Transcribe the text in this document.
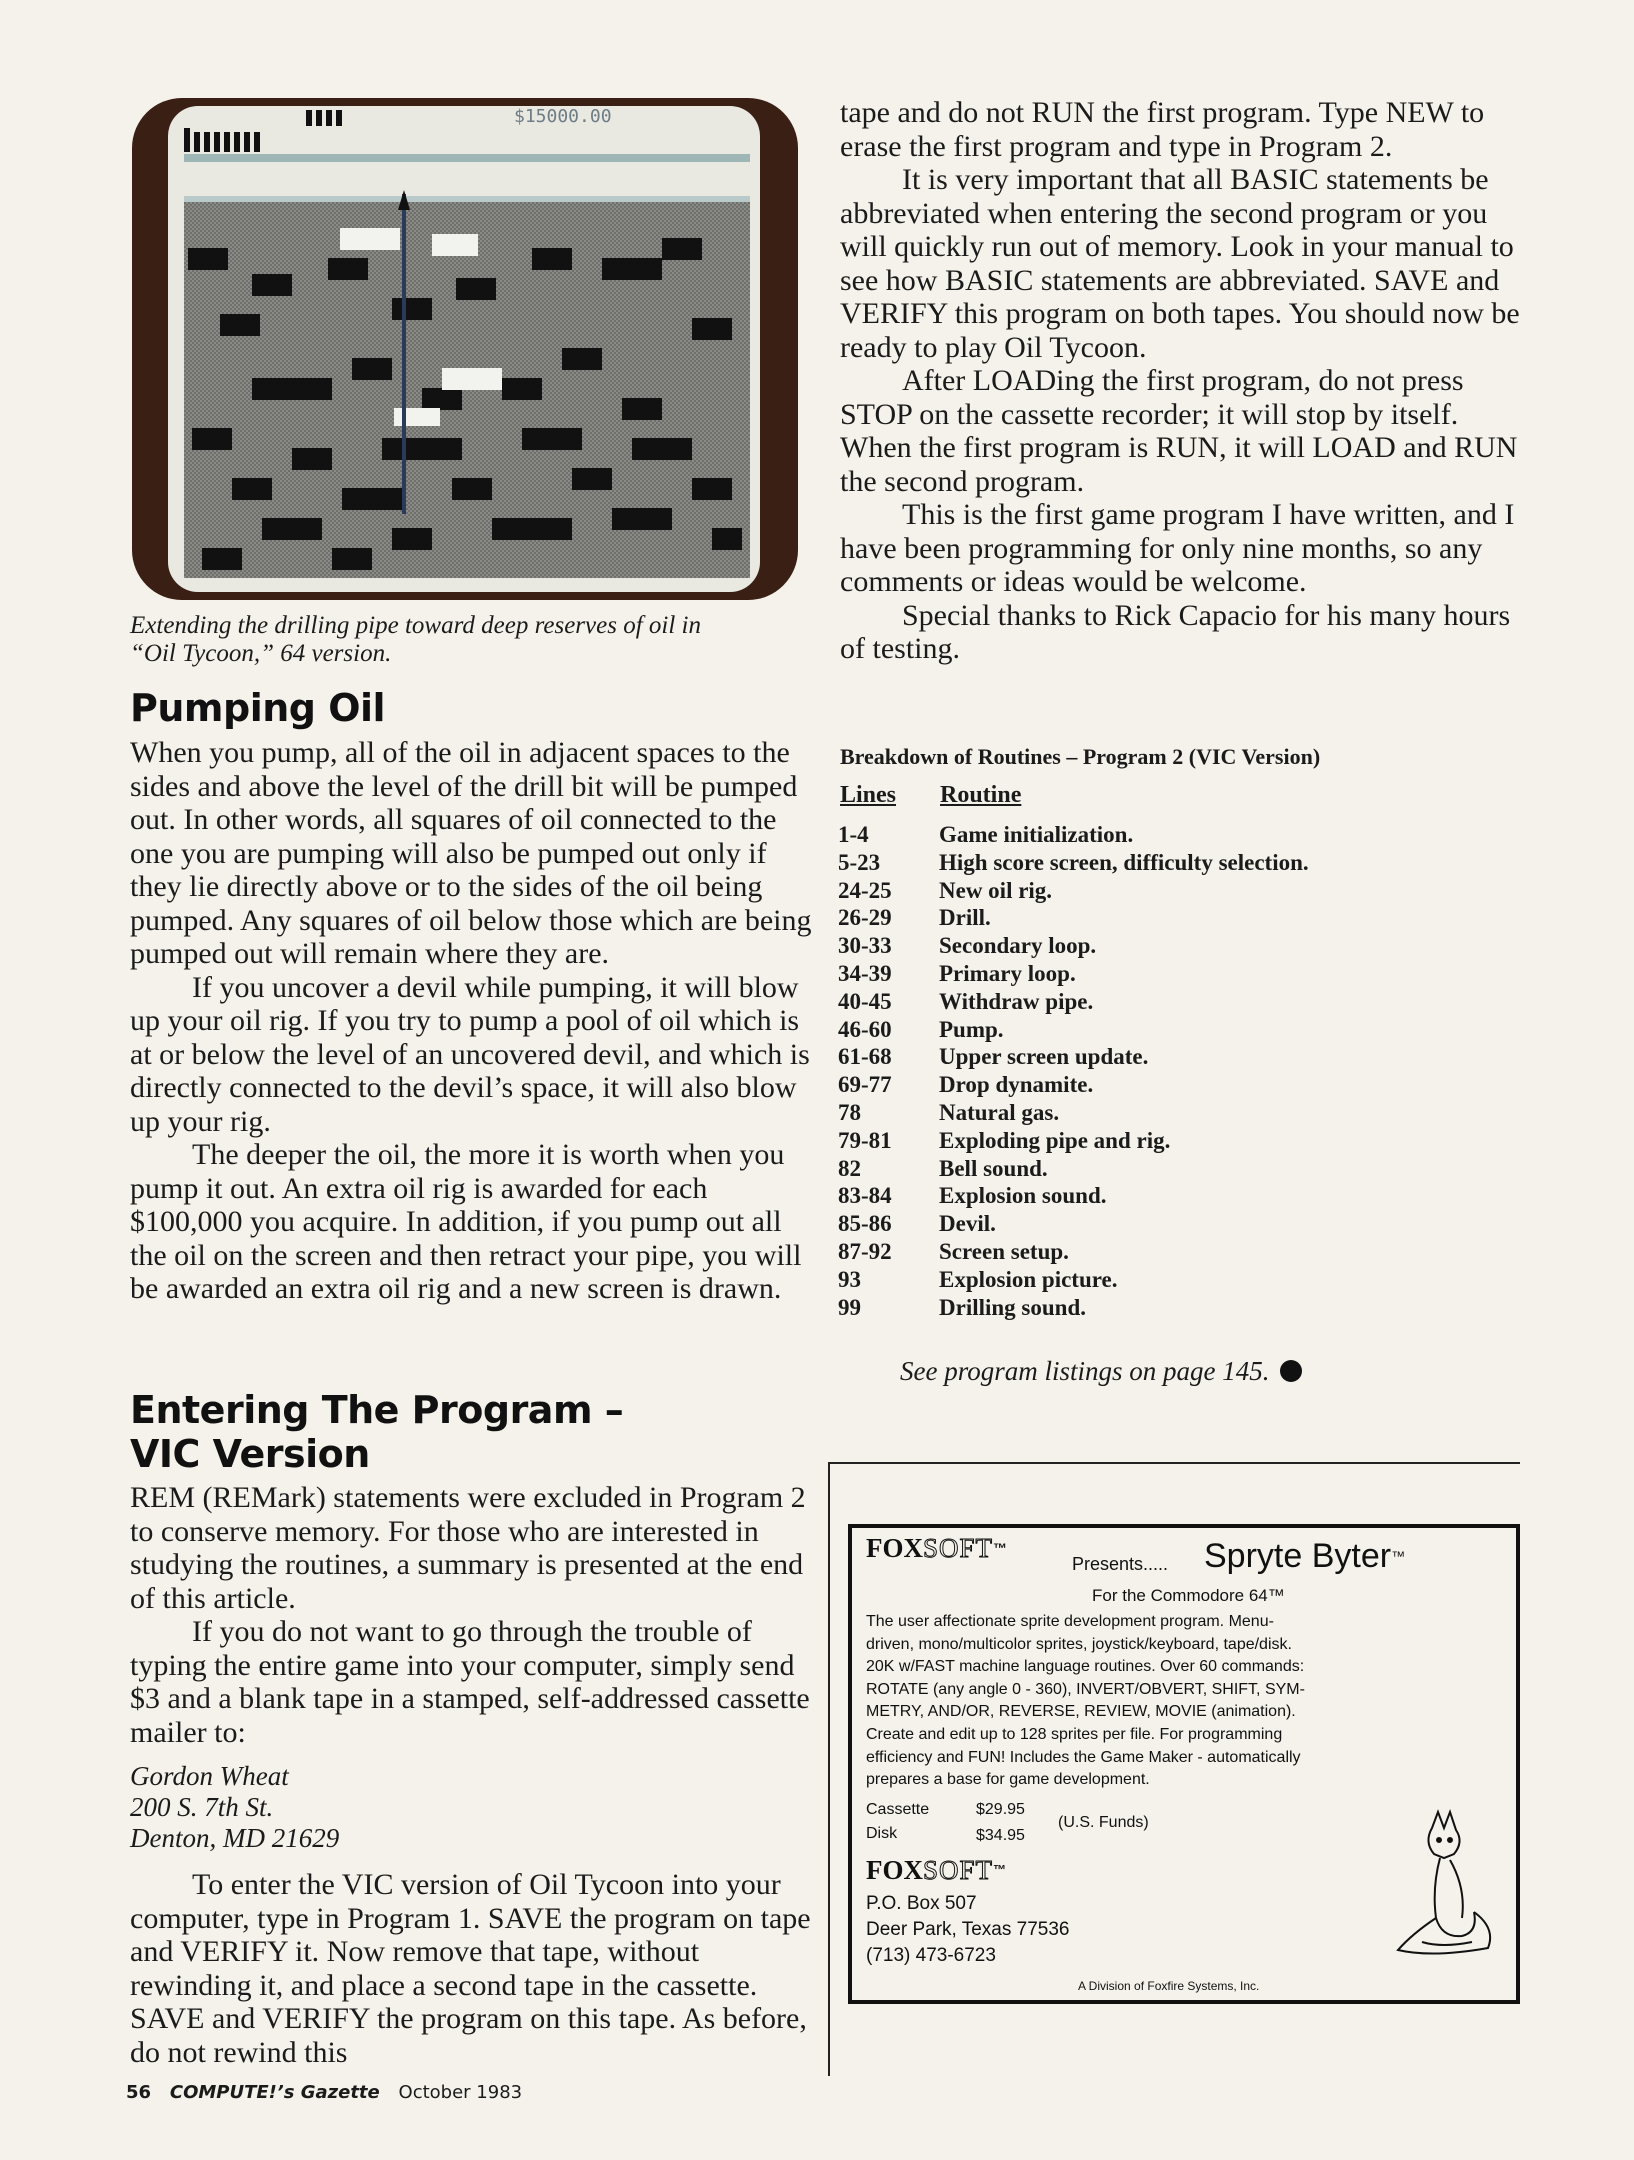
$15000.00
Extending the drilling pipe toward deep reserves of oil in
“Oil Tycoon,” 64 version.
Pumping Oil

When you pump, all of the oil in adjacent spaces to the sides and above the level of the drill bit will be pumped out. In other words, all squares of oil connected to the one you are pumping will also be pumped out only if they lie directly above or to the sides of the oil being pumped. Any squares of oil below those which are being pumped out will remain where they are.

If you uncover a devil while pumping, it will blow up your oil rig. If you try to pump a pool of oil which is at or below the level of an uncovered devil, and which is directly connected to the devil’s space, it will also blow up your rig.

The deeper the oil, the more it is worth when you pump it out. An extra oil rig is awarded for each $100,000 you acquire. In addition, if you pump out all the oil on the screen and then retract your pipe, you will be awarded an extra oil rig and a new screen is drawn.

Entering The Program –
VIC Version

REM (REMark) statements were excluded in Program 2 to conserve memory. For those who are interested in studying the routines, a summary is presented at the end of this article.

If you do not want to go through the trouble of typing the entire game into your computer, simply send $3 and a blank tape in a stamped, self-addressed cassette mailer to:

Gordon Wheat

200 S. 7th St.

Denton, MD 21629

To enter the VIC version of Oil Tycoon into your computer, type in Program 1. SAVE the program on tape and VERIFY it. Now remove that tape, without rewinding it, and place a second tape in the cassette. SAVE and VERIFY the program on this tape. As before, do not rewind this

tape and do not RUN the first program. Type NEW to erase the first program and type in Program 2.

It is very important that all BASIC statements be abbreviated when entering the second program or you will quickly run out of memory. Look in your manual to see how BASIC statements are abbreviated. SAVE and VERIFY this program on both tapes. You should now be ready to play Oil Tycoon.

After LOADing the first program, do not press STOP on the cassette recorder; it will stop by itself. When the first program is RUN, it will LOAD and RUN the second program.

This is the first game program I have written, and I have been programming for only nine months, so any comments or ideas would be welcome.

Special thanks to Rick Capacio for his many hours of testing.

Breakdown of Routines – Program 2 (VIC Version)
Lines Routine
1-4	Game initialization.
5-23	High score screen, difficulty selection.
24-25	New oil rig.
26-29	Drill.
30-33	Secondary loop.
34-39	Primary loop.
40-45	Withdraw pipe.
46-60	Pump.
61-68	Upper screen update.
69-77	Drop dynamite.
78	Natural gas.
79-81	Exploding pipe and rig.
82	Bell sound.
83-84	Explosion sound.
85-86	Devil.
87-92	Screen setup.
93	Explosion picture.
99	Drilling sound.
See program listings on page 145.
FOXSOFT™
Presents..... Spryte Byter™
For the Commodore 64™
The user affectionate sprite development program. Menu-
driven, mono/multicolor sprites, joystick/keyboard, tape/disk.
20K w/FAST machine language routines. Over 60 commands:
ROTATE (any angle 0 - 360), INVERT/OBVERT, SHIFT, SYM-
METRY, AND/OR, REVERSE, REVIEW, MOVIE (animation).
Create and edit up to 128 sprites per file. For programming
efficiency and FUN! Includes the Game Maker - automatically
prepares a base for game development.
Cassette	$29.95
Disk	$34.95
(U.S. Funds)
FOXSOFT™
P.O. Box 507
Deer Park, Texas 77536
(713) 473-6723
A Division of Foxfire Systems, Inc.
56 COMPUTE!’s Gazette October 1983
